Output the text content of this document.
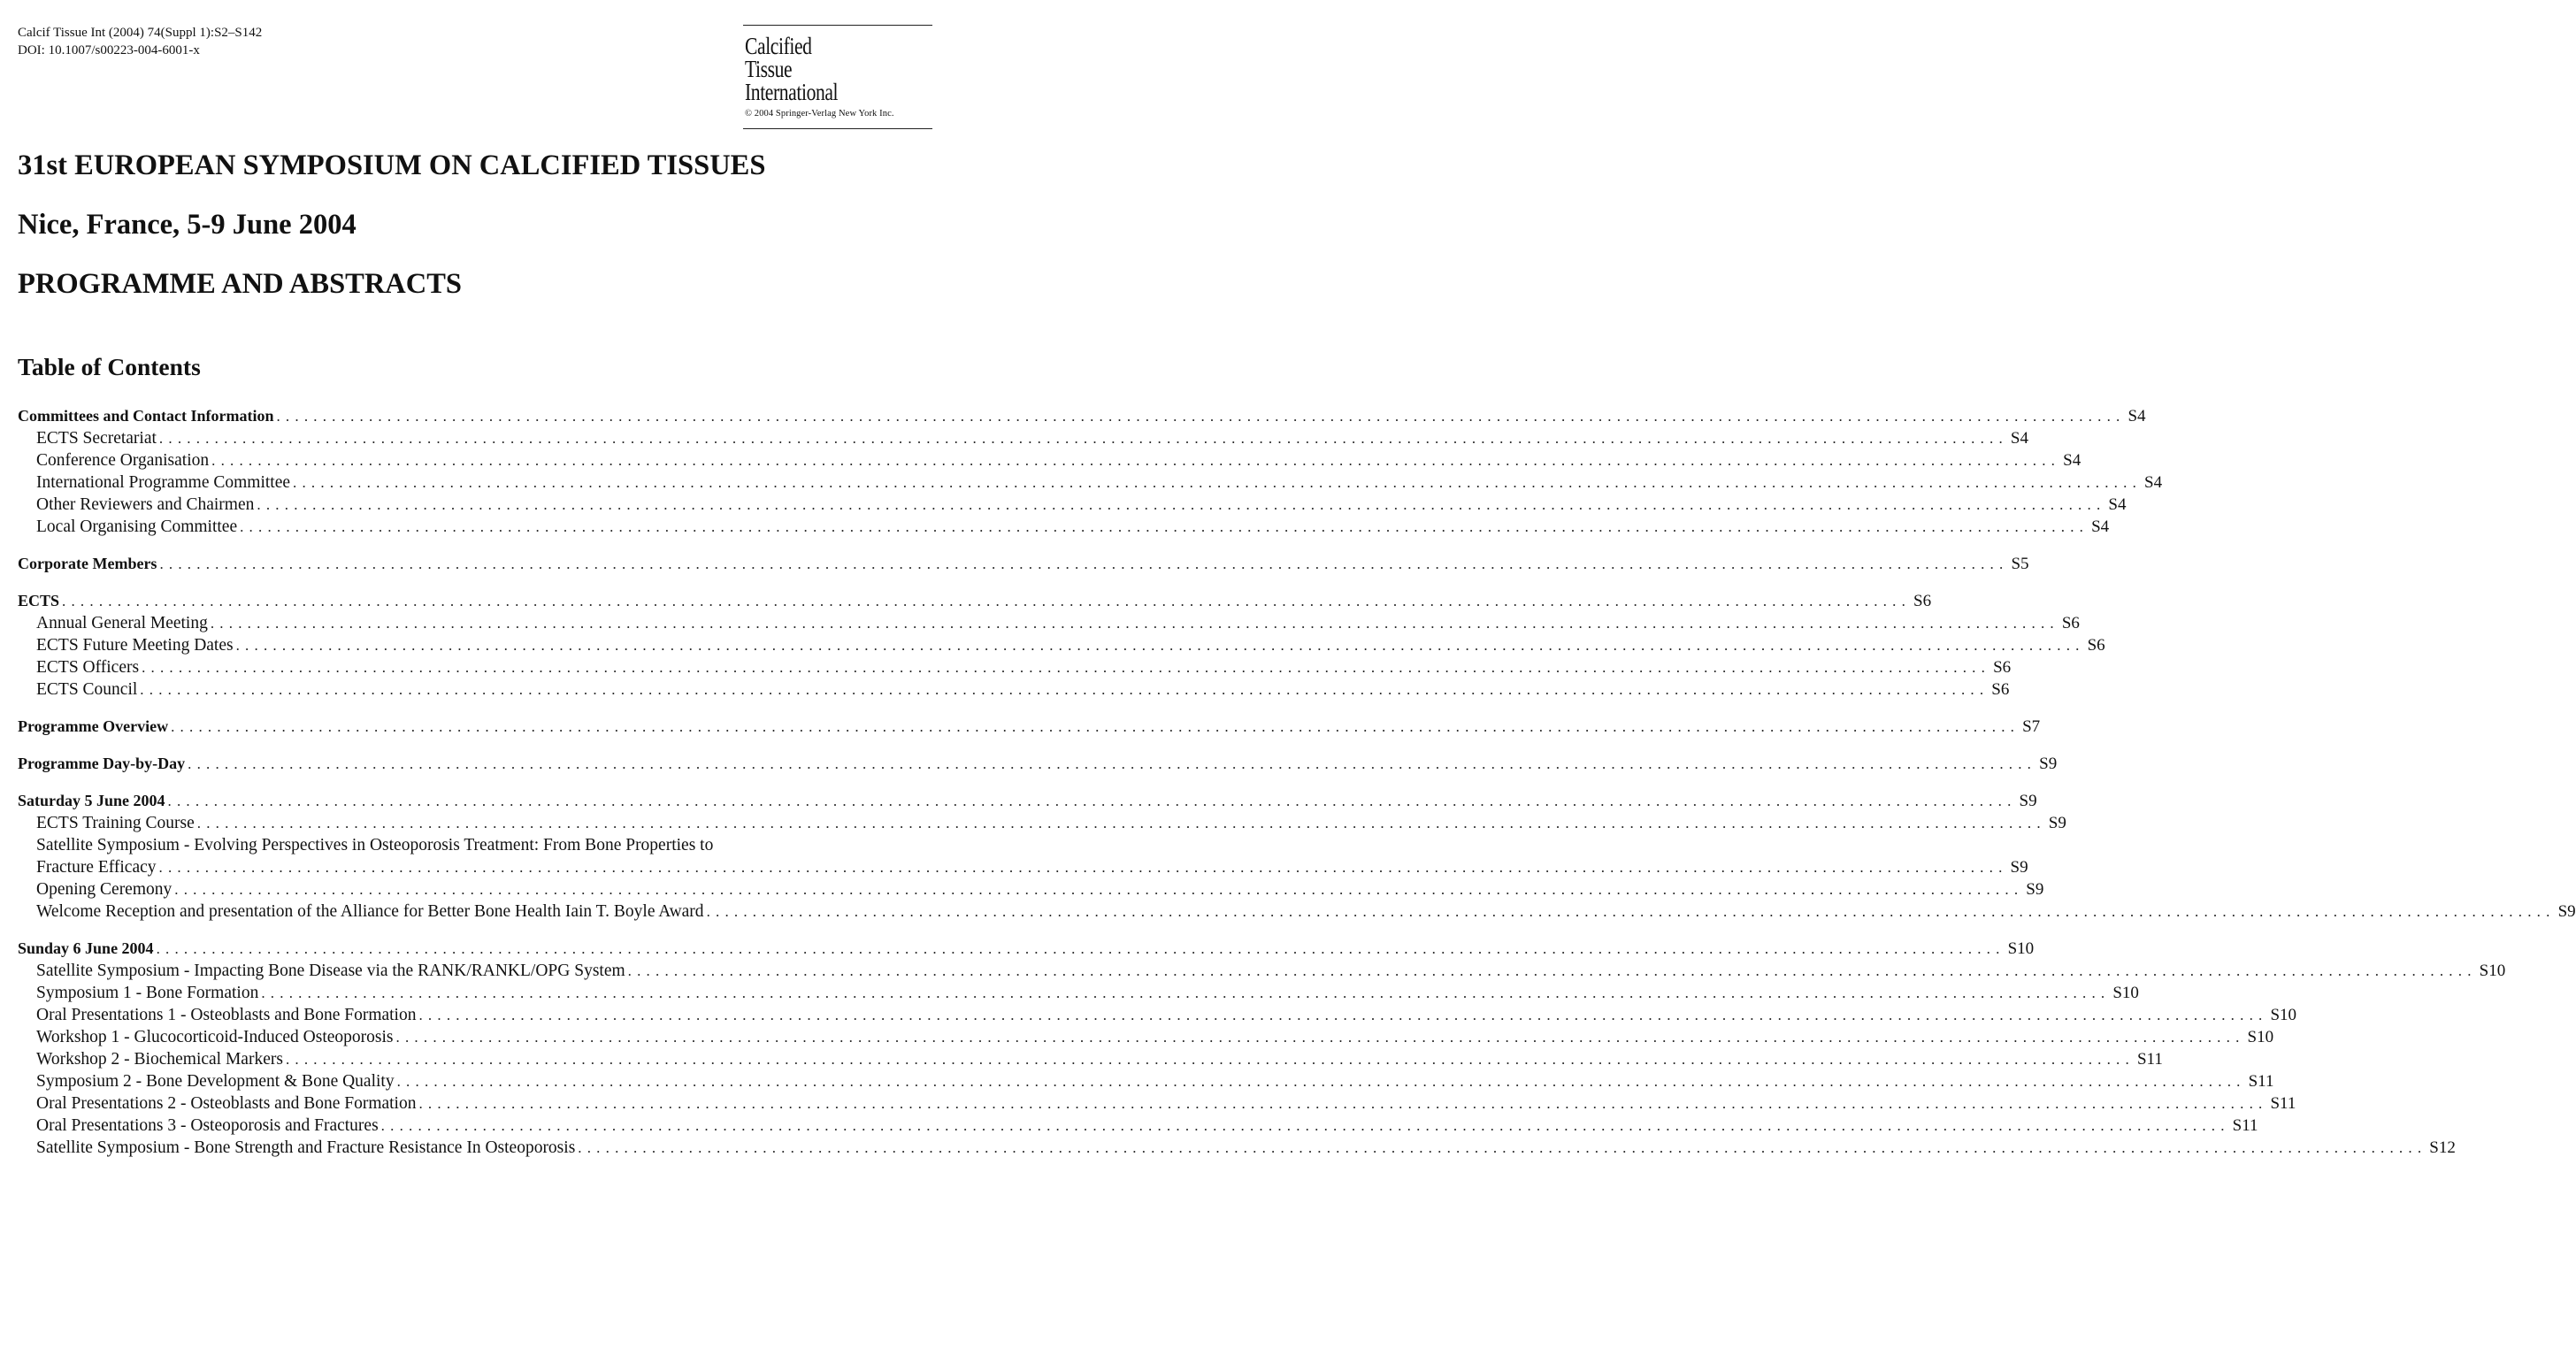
Calcif Tissue Int (2004) 74(Suppl 1):S2–S142
DOI: 10.1007/s00223-004-6001-x	Calcified
Tissue
International
© 2004 Springer-Verlag New York Inc.
31st EUROPEAN SYMPOSIUM ON CALCIFIED TISSUES
Nice, France, 5-9 June 2004
PROGRAMME AND ABSTRACTS
Table of Contents
Committees and Contact Information ........................................................................................................................................................................................................ S4
ECTS Secretariat ........................................................................................................................................................................................................ S4
Conference Organisation ........................................................................................................................................................................................................ S4
International Programme Committee ........................................................................................................................................................................................................ S4
Other Reviewers and Chairmen ........................................................................................................................................................................................................ S4
Local Organising Committee ........................................................................................................................................................................................................ S4
Corporate Members ........................................................................................................................................................................................................ S5
ECTS ........................................................................................................................................................................................................ S6
Annual General Meeting ........................................................................................................................................................................................................ S6
ECTS Future Meeting Dates ........................................................................................................................................................................................................ S6
ECTS Officers ........................................................................................................................................................................................................ S6
ECTS Council ........................................................................................................................................................................................................ S6
Programme Overview ........................................................................................................................................................................................................ S7
Programme Day-by-Day ........................................................................................................................................................................................................ S9
Saturday 5 June 2004 ........................................................................................................................................................................................................ S9
ECTS Training Course ........................................................................................................................................................................................................ S9
Satellite Symposium - Evolving Perspectives in Osteoporosis Treatment: From Bone Properties to
Fracture Efficacy ........................................................................................................................................................................................................ S9
Opening Ceremony ........................................................................................................................................................................................................ S9
Welcome Reception and presentation of the Alliance for Better Bone Health Iain T. Boyle Award ........................................................................................................................................................................................................ S9
Sunday 6 June 2004 ........................................................................................................................................................................................................ S10
Satellite Symposium - Impacting Bone Disease via the RANK/RANKL/OPG System ........................................................................................................................................................................................................ S10
Symposium 1 - Bone Formation ........................................................................................................................................................................................................ S10
Oral Presentations 1 - Osteoblasts and Bone Formation ........................................................................................................................................................................................................ S10
Workshop 1 - Glucocorticoid-Induced Osteoporosis ........................................................................................................................................................................................................ S10
Workshop 2 - Biochemical Markers ........................................................................................................................................................................................................ S11
Symposium 2 - Bone Development & Bone Quality ........................................................................................................................................................................................................ S11
Oral Presentations 2 - Osteoblasts and Bone Formation ........................................................................................................................................................................................................ S11
Oral Presentations 3 - Osteoporosis and Fractures ........................................................................................................................................................................................................ S11
Satellite Symposium - Bone Strength and Fracture Resistance In Osteoporosis ........................................................................................................................................................................................................ S12
